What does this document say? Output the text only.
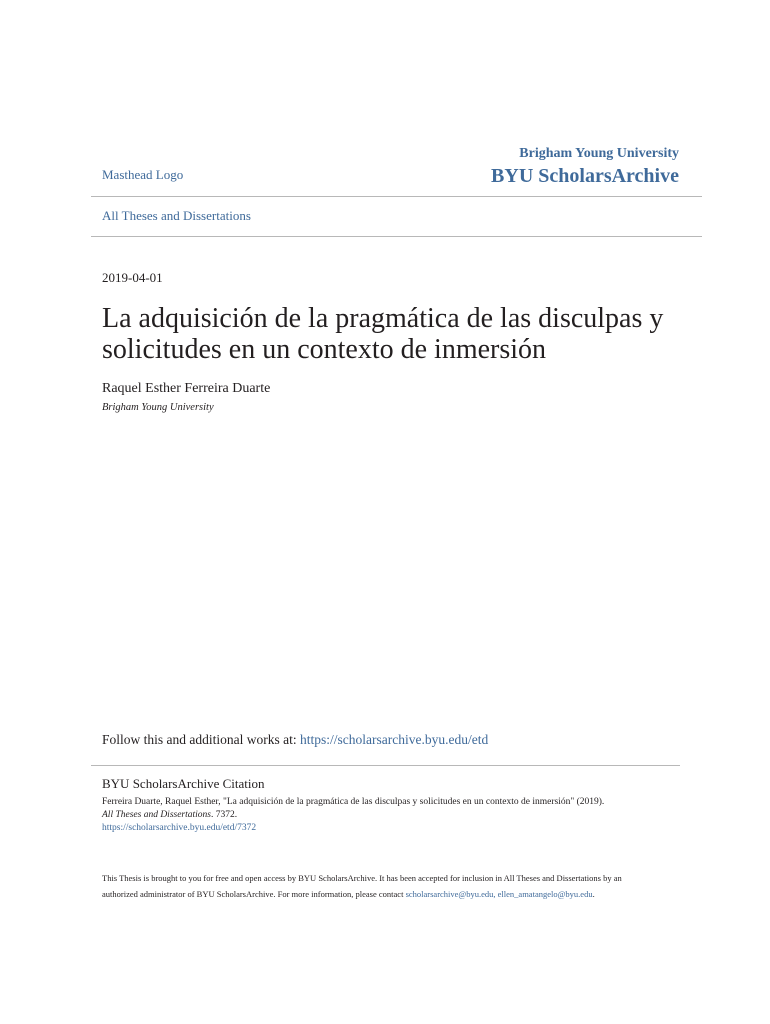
Masthead Logo
Brigham Young University
BYU ScholarsArchive
All Theses and Dissertations
2019-04-01
La adquisición de la pragmática de las disculpas y solicitudes en un contexto de inmersión
Raquel Esther Ferreira Duarte
Brigham Young University
Follow this and additional works at: https://scholarsarchive.byu.edu/etd
BYU ScholarsArchive Citation
Ferreira Duarte, Raquel Esther, "La adquisición de la pragmática de las disculpas y solicitudes en un contexto de inmersión" (2019).
All Theses and Dissertations. 7372.
https://scholarsarchive.byu.edu/etd/7372
This Thesis is brought to you for free and open access by BYU ScholarsArchive. It has been accepted for inclusion in All Theses and Dissertations by an
authorized administrator of BYU ScholarsArchive. For more information, please contact scholarsarchive@byu.edu, ellen_amatangelo@byu.edu.
